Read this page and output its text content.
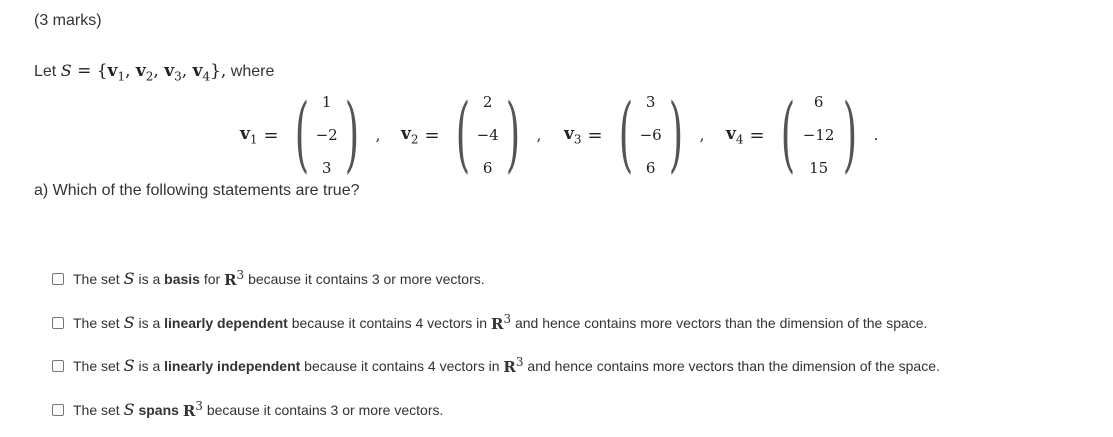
(3 marks)
Let $S = \{v_1$, $v_2$, $v_3$, $v_4$}, where
$v_1$ = ( 1
−2
3 ) , $v_2$ = ( 2
−4
6 ) , $v_3$ = ( 3
−6
6 ) , $v_4$ = ( 6
−12
15 ) .
a) Which of the following statements are true?
The set
S
is a
basis
for
$R^3$
because it contains 3 or more vectors.
The set
S
is a
linearly dependent
because it contains 4 vectors in
$R^3$
and hence contains more vectors than the dimension of the space.
The set
S
is a
linearly independent
because it contains 4 vectors in
$R^3$
and hence contains more vectors than the dimension of the space.
The set
S
spans
$R^3$
because it contains 3 or more vectors.
